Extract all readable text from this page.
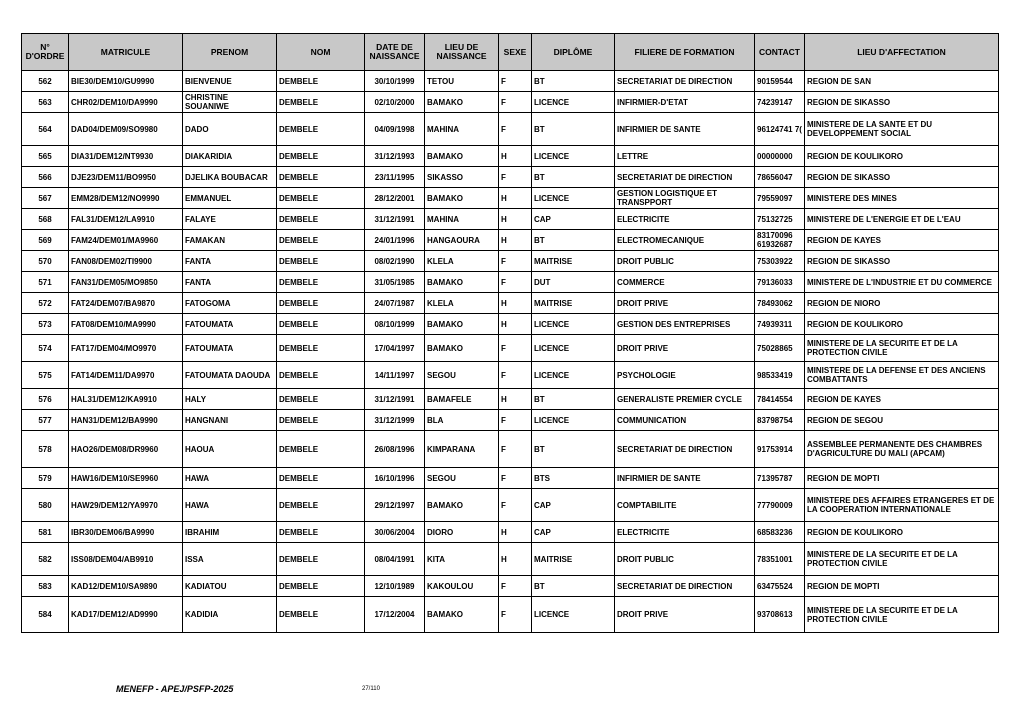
N° D'ORDRE	MATRICULE	PRENOM	NOM	DATE DE NAISSANCE	LIEU DE NAISSANCE	SEXE	DIPLÔME	FILIERE DE FORMATION	CONTACT	LIEU D'AFFECTATION
562	BIE30/DEM10/GU9990	BIENVENUE	DEMBELE	30/10/1999	TETOU	F	BT	SECRETARIAT DE DIRECTION	90159544	REGION DE SAN
563	CHR02/DEM10/DA9990	CHRISTINE SOUANIWE	DEMBELE	02/10/2000	BAMAKO	F	LICENCE	INFIRMIER-D'ETAT	74239147	REGION DE SIKASSO
564	DAD04/DEM09/SO9980	DADO	DEMBELE	04/09/1998	MAHINA	F	BT	INFIRMIER DE SANTE	96124741 7(	MINISTERE DE LA SANTE ET DU DEVELOPPEMENT SOCIAL
565	DIA31/DEM12/NT9930	DIAKARIDIA	DEMBELE	31/12/1993	BAMAKO	H	LICENCE	LETTRE	00000000	REGION DE KOULIKORO
566	DJE23/DEM11/BO9950	DJELIKA BOUBACAR	DEMBELE	23/11/1995	SIKASSO	F	BT	SECRETARIAT DE DIRECTION	78656047	REGION DE SIKASSO
567	EMM28/DEM12/NO9990	EMMANUEL	DEMBELE	28/12/2001	BAMAKO	H	LICENCE	GESTION LOGISTIQUE ET TRANSPPORT	79559097	MINISTERE DES MINES
568	FAL31/DEM12/LA9910	FALAYE	DEMBELE	31/12/1991	MAHINA	H	CAP	ELECTRICITE	75132725	MINISTERE DE L'ENERGIE ET DE L'EAU
569	FAM24/DEM01/MA9960	FAMAKAN	DEMBELE	24/01/1996	HANGAOURA	H	BT	ELECTROMECANIQUE	83170096 61932687	REGION DE KAYES
570	FAN08/DEM02/TI9900	FANTA	DEMBELE	08/02/1990	KLELA	F	MAITRISE	DROIT PUBLIC	75303922	REGION DE SIKASSO
571	FAN31/DEM05/MO9850	FANTA	DEMBELE	31/05/1985	BAMAKO	F	DUT	COMMERCE	79136033	MINISTERE DE L'INDUSTRIE ET DU COMMERCE
572	FAT24/DEM07/BA9870	FATOGOMA	DEMBELE	24/07/1987	KLELA	H	MAITRISE	DROIT PRIVE	78493062	REGION DE NIORO
573	FAT08/DEM10/MA9990	FATOUMATA	DEMBELE	08/10/1999	BAMAKO	H	LICENCE	GESTION DES ENTREPRISES	74939311	REGION DE KOULIKORO
574	FAT17/DEM04/MO9970	FATOUMATA	DEMBELE	17/04/1997	BAMAKO	F	LICENCE	DROIT PRIVE	75028865	MINISTERE DE LA SECURITE ET DE LA PROTECTION CIVILE
575	FAT14/DEM11/DA9970	FATOUMATA DAOUDA	DEMBELE	14/11/1997	SEGOU	F	LICENCE	PSYCHOLOGIE	98533419	MINISTERE DE LA DEFENSE ET DES ANCIENS COMBATTANTS
576	HAL31/DEM12/KA9910	HALY	DEMBELE	31/12/1991	BAMAFELE	H	BT	GENERALISTE PREMIER CYCLE	78414554	REGION DE KAYES
577	HAN31/DEM12/BA9990	HANGNANI	DEMBELE	31/12/1999	BLA	F	LICENCE	COMMUNICATION	83798754	REGION DE SEGOU
578	HAO26/DEM08/DR9960	HAOUA	DEMBELE	26/08/1996	KIMPARANA	F	BT	SECRETARIAT DE DIRECTION	91753914	ASSEMBLEE PERMANENTE DES CHAMBRES D'AGRICULTURE DU MALI (APCAM)
579	HAW16/DEM10/SE9960	HAWA	DEMBELE	16/10/1996	SEGOU	F	BTS	INFIRMIER DE SANTE	71395787	REGION DE MOPTI
580	HAW29/DEM12/YA9970	HAWA	DEMBELE	29/12/1997	BAMAKO	F	CAP	COMPTABILITE	77790009	MINISTERE DES AFFAIRES ETRANGERES ET DE LA COOPERATION INTERNATIONALE
581	IBR30/DEM06/BA9990	IBRAHIM	DEMBELE	30/06/2004	DIORO	H	CAP	ELECTRICITE	68583236	REGION DE KOULIKORO
582	ISS08/DEM04/AB9910	ISSA	DEMBELE	08/04/1991	KITA	H	MAITRISE	DROIT PUBLIC	78351001	MINISTERE DE LA SECURITE ET DE LA PROTECTION CIVILE
583	KAD12/DEM10/SA9890	KADIATOU	DEMBELE	12/10/1989	KAKOULOU	F	BT	SECRETARIAT DE DIRECTION	63475524	REGION DE MOPTI
584	KAD17/DEM12/AD9990	KADIDIA	DEMBELE	17/12/2004	BAMAKO	F	LICENCE	DROIT PRIVE	93708613	MINISTERE DE LA SECURITE ET DE LA PROTECTION CIVILE
MENEFP - APEJ/PSFP-2025	27/110
